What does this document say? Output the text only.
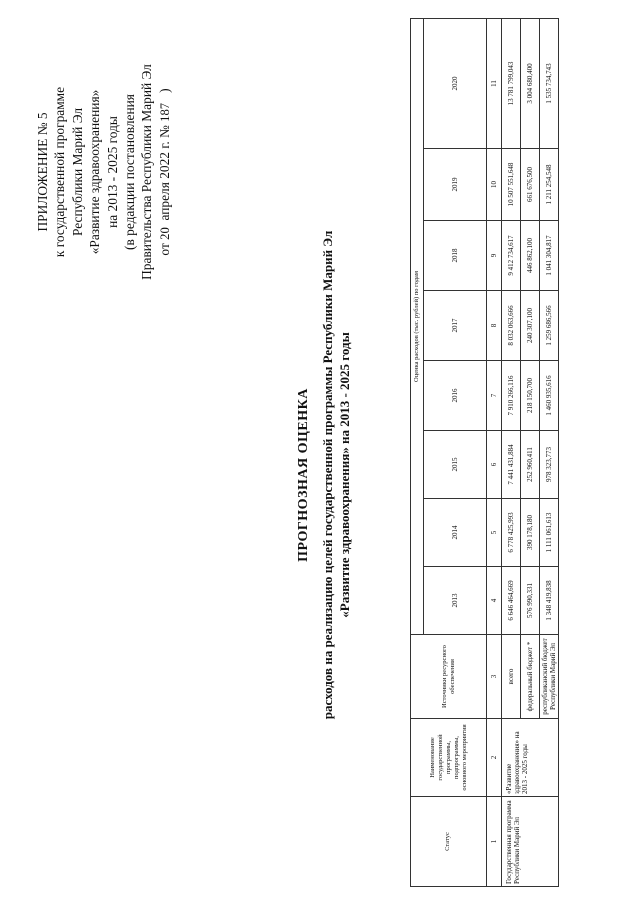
ПРИЛОЖЕНИЕ № 5 к государственной программе Республики Марий Эл «Развитие здравоохранения» на 2013 - 2025 годы (в редакции постановления Правительства Республики Марий Эл от 20  апреля 2022 г. № 187   )
ПРОГНОЗНАЯ ОЦЕНКА расходов на реализацию целей государственной программы Республики Марий Эл «Развитие здравоохранения» на 2013 - 2025 годы
Статус	Наименование государственной программы, подпрограммы, основного мероприятия	Источники ресурсного обеспечения	Оценка расходов (тыс. рублей) по годам							
			2013	2014	2015	2016	2017	2018	2019	2020
1	2	3	4	5	6	7	8	9	10	11
Государственная программа Республики Марий Эл	«Развитие здравоохранения» на 2013 - 2025 годы	всего	6 646 464,669	6 778 425,993	7 441 431,884	7 910 266,116	8 032 063,666	9 412 734,617	10 507 551,648	13 781 799,043
		федеральный бюджет *	576 990,331	390 178,180	252 960,411	218 150,700	240 307,100	446 862,100	661 676,500	3 004 680,400
		республиканский бюджет Республики Марий Эл	1 348 419,838	1 111 061,613	978 323,773	1 460 935,616	1 259 686,566	1 041 304,817	1 211 254,548	1 535 734,743
